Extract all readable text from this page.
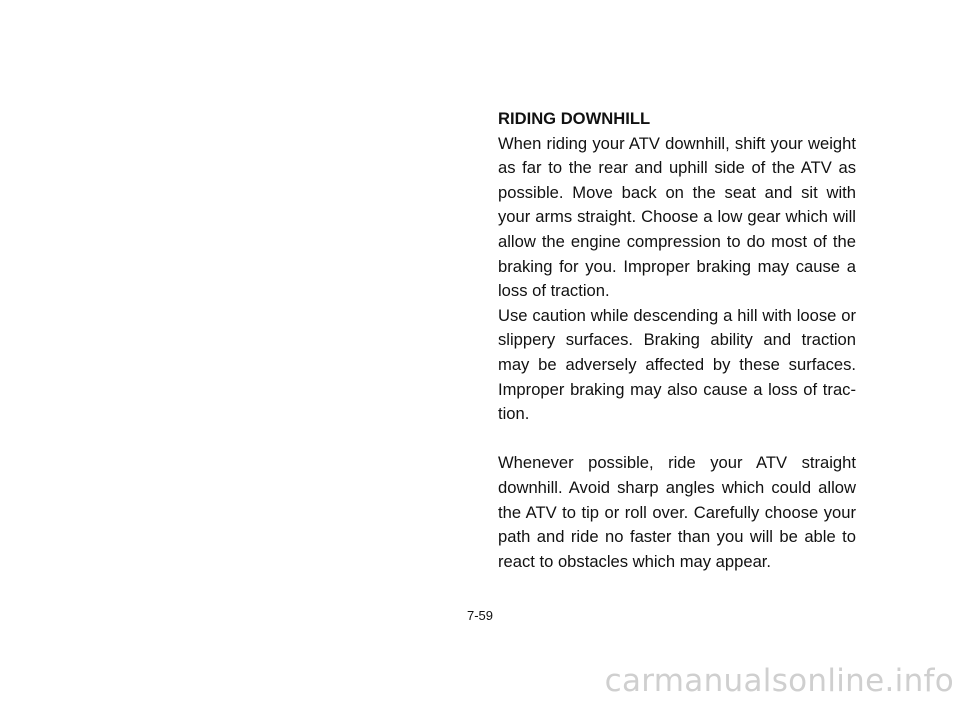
RIDING DOWNHILL

When riding your ATV downhill, shift your weight as far to the rear and uphill side of the ATV as possible. Move back on the seat and sit with your arms straight. Choose a low gear which will allow the engine compression to do most of the braking for you. Improper braking may cause a loss of traction.

Use caution while descending a hill with loose or slippery surfaces. Braking ability and traction may be adversely affected by these surfaces. Improper braking may also cause a loss of trac-tion.

Whenever possible, ride your ATV straight downhill. Avoid sharp angles which could allow the ATV to tip or roll over. Carefully choose your path and ride no faster than you will be able to react to obstacles which may appear.

7-59
carmanualsonline.info
